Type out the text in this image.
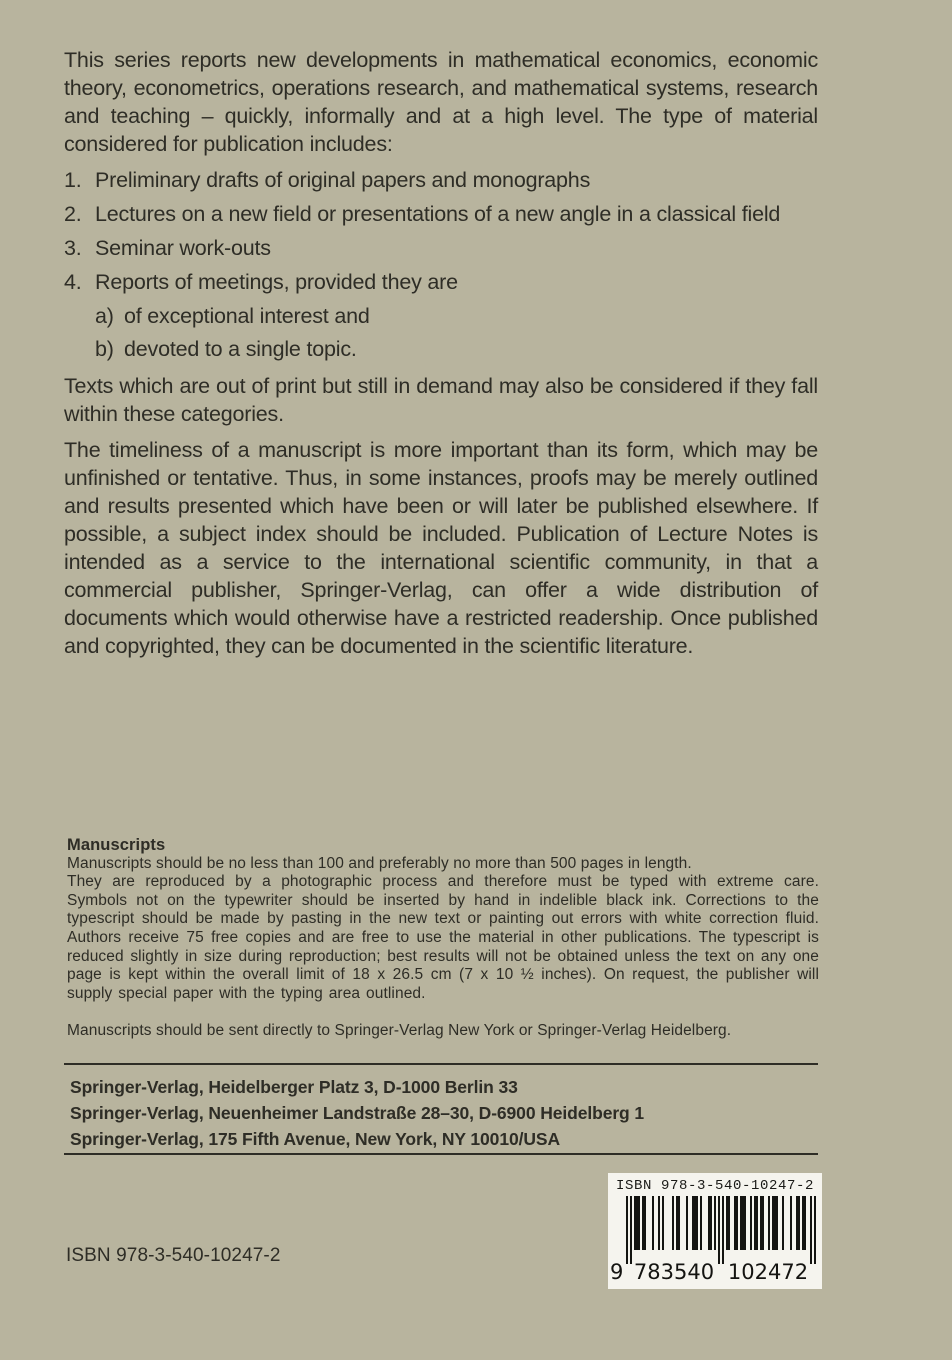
This series reports new developments in mathematical economics, economic theory, econometrics, operations research, and mathematical systems, research and teaching – quickly, informally and at a high level. The type of material considered for publication includes:

1. Preliminary drafts of original papers and monographs
2. Lectures on a new field or presentations of a new angle in a classical field
3. Seminar work-outs
4. Reports of meetings, provided they are
a) of exceptional interest and
b) devoted to a single topic.

Texts which are out of print but still in demand may also be considered if they fall within these categories.

The timeliness of a manuscript is more important than its form, which may be unfinished or tentative. Thus, in some instances, proofs may be merely outlined and results presented which have been or will later be published elsewhere. If possible, a subject index should be included. Publication of Lecture Notes is intended as a service to the international scientific community, in that a commercial publisher, Springer-Verlag, can offer a wide distribution of documents which would otherwise have a restricted readership. Once published and copyrighted, they can be documented in the scientific literature.

Manuscripts

Manuscripts should be no less than 100 and preferably no more than 500 pages in length.

They are reproduced by a photographic process and therefore must be typed with extreme care. Symbols not on the typewriter should be inserted by hand in indelible black ink. Corrections to the typescript should be made by pasting in the new text or painting out errors with white correction fluid. Authors receive 75 free copies and are free to use the material in other publications. The typescript is reduced slightly in size during reproduction; best results will not be obtained unless the text on any one page is kept within the overall limit of 18 x 26.5 cm (7 x 10 ½ inches). On request, the publisher will supply special paper with the typing area outlined.

Manuscripts should be sent directly to Springer-Verlag New York or Springer-Verlag Heidelberg.

Springer-Verlag, Heidelberger Platz 3, D-1000 Berlin 33
Springer-Verlag, Neuenheimer Landstraße 28–30, D-6900 Heidelberg 1
Springer-Verlag, 175 Fifth Avenue, New York, NY 10010/USA
ISBN 978-3-540-10247-2
9 783540 102472
ISBN 978-3-540-10247-2
